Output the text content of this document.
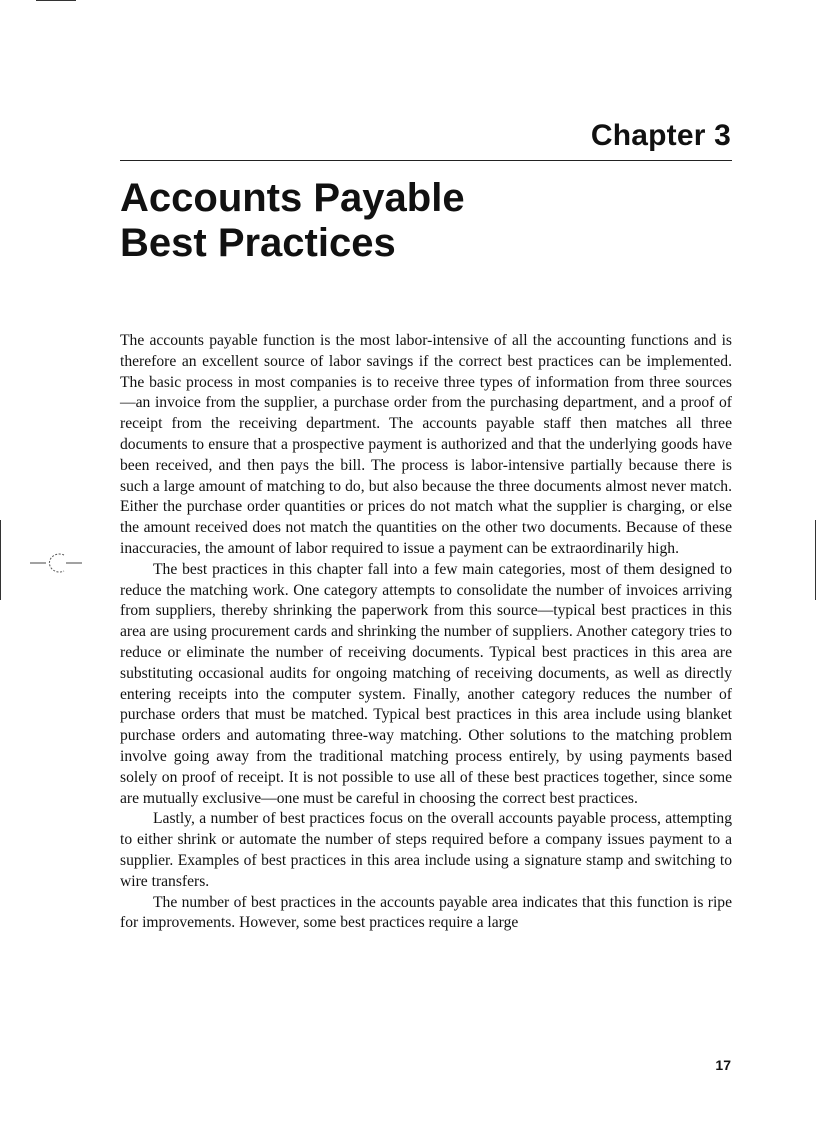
Chapter 3
Accounts Payable
Best Practices

The accounts payable function is the most labor-intensive of all the accounting functions and is therefore an excellent source of labor savings if the correct best practices can be implemented. The basic process in most companies is to receive three types of information from three sources—an invoice from the supplier, a purchase order from the purchasing department, and a proof of receipt from the receiving department. The accounts payable staff then matches all three documents to ensure that a prospective payment is authorized and that the underlying goods have been received, and then pays the bill. The process is labor-intensive partially because there is such a large amount of matching to do, but also because the three documents almost never match. Either the purchase order quantities or prices do not match what the supplier is charging, or else the amount received does not match the quantities on the other two documents. Because of these inaccuracies, the amount of labor required to issue a payment can be extraordinarily high.

The best practices in this chapter fall into a few main categories, most of them designed to reduce the matching work. One category attempts to consolidate the number of invoices arriving from suppliers, thereby shrinking the paperwork from this source—typical best practices in this area are using procurement cards and shrinking the number of suppliers. Another category tries to reduce or eliminate the number of receiving documents. Typical best practices in this area are substituting occasional audits for ongoing matching of receiving documents, as well as directly entering receipts into the computer system. Finally, another category reduces the number of purchase orders that must be matched. Typical best practices in this area include using blanket purchase orders and automating three-way matching. Other solutions to the matching problem involve going away from the traditional matching process entirely, by using payments based solely on proof of receipt. It is not possible to use all of these best practices together, since some are mutually exclusive—one must be careful in choosing the correct best practices.

Lastly, a number of best practices focus on the overall accounts payable process, attempting to either shrink or automate the number of steps required before a company issues payment to a supplier. Examples of best practices in this area include using a signature stamp and switching to wire transfers.

The number of best practices in the accounts payable area indicates that this function is ripe for improvements. However, some best practices require a large

17
